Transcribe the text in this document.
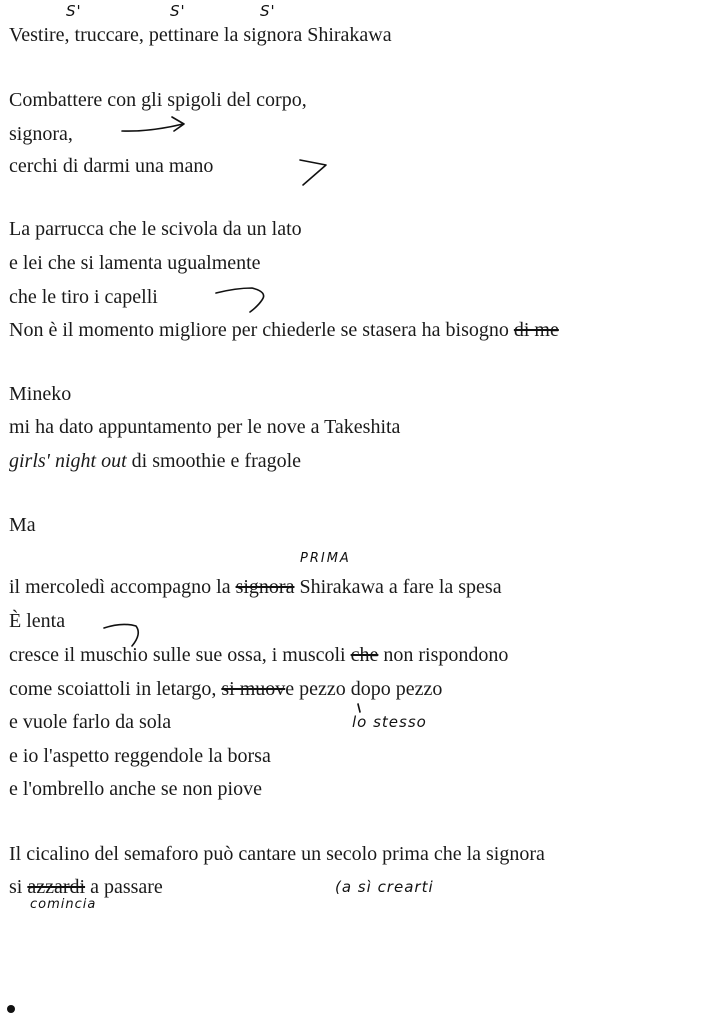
Vestire, truccare, pettinare la signora Shirakawa

Combattere con gli spigoli del corpo,

signora,

cerchi di darmi una mano

La parrucca che le scivola da un lato

e lei che si lamenta ugualmente

che le tiro i capelli

Non è il momento migliore per chiederle se stasera ha bisogno di me

Mineko

mi ha dato appuntamento per le nove a Takeshita

girls' night out di smoothie e fragole

Ma

il mercoledì accompagno la signora Shirakawa a fare la spesa

È lenta

cresce il muschio sulle sue ossa, i muscoli che non rispondono

come scoiattoli in letargo, si muove pezzo dopo pezzo

e vuole farlo da sola

e io l'aspetto reggendole la borsa

e l'ombrello anche se non piove

Il cicalino del semaforo può cantare un secolo prima che la signora

si azzardi a passare

S'	S'	S'
PRIMA
lo stesso
(a sì crearti
comincia
